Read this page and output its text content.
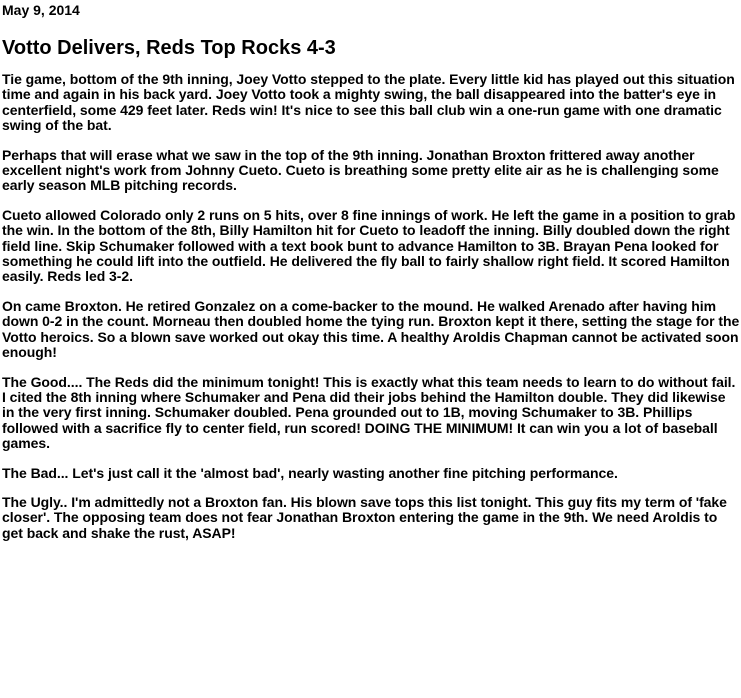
May 9, 2014
Votto Delivers, Reds Top Rocks 4-3

Tie game, bottom of the 9th inning, Joey Votto stepped to the plate. Every little kid has played out this situation time and again in his back yard. Joey Votto took a mighty swing, the ball disappeared into the batter's eye in centerfield, some 429 feet later. Reds win! It's nice to see this ball club win a one-run game with one dramatic swing of the bat.

Perhaps that will erase what we saw in the top of the 9th inning. Jonathan Broxton frittered away another excellent night's work from Johnny Cueto. Cueto is breathing some pretty elite air as he is challenging some early season MLB pitching records.

Cueto allowed Colorado only 2 runs on 5 hits, over 8 fine innings of work. He left the game in a position to grab the win. In the bottom of the 8th, Billy Hamilton hit for Cueto to leadoff the inning. Billy doubled down the right field line. Skip Schumaker followed with a text book bunt to advance Hamilton to 3B. Brayan Pena looked for something he could lift into the outfield. He delivered the fly ball to fairly shallow right field. It scored Hamilton easily. Reds led 3-2.

On came Broxton. He retired Gonzalez on a come-backer to the mound. He walked Arenado after having him down 0-2 in the count. Morneau then doubled home the tying run. Broxton kept it there, setting the stage for the Votto heroics. So a blown save worked out okay this time. A healthy Aroldis Chapman cannot be activated soon enough!

The Good.... The Reds did the minimum tonight! This is exactly what this team needs to learn to do without fail. I cited the 8th inning where Schumaker and Pena did their jobs behind the Hamilton double. They did likewise in the very first inning. Schumaker doubled. Pena grounded out to 1B, moving Schumaker to 3B. Phillips followed with a sacrifice fly to center field, run scored! DOING THE MINIMUM! It can win you a lot of baseball games.

The Bad... Let's just call it the 'almost bad', nearly wasting another fine pitching performance.

The Ugly.. I'm admittedly not a Broxton fan. His blown save tops this list tonight. This guy fits my term of 'fake closer'. The opposing team does not fear Jonathan Broxton entering the game in the 9th. We need Aroldis to get back and shake the rust, ASAP!
